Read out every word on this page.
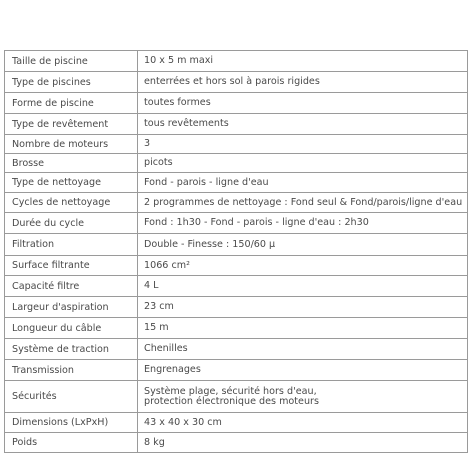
Taille de piscine	10 x 5 m maxi

Type de piscines	enterrées et hors sol à parois rigides

Forme de piscine	toutes formes

Type de revêtement	tous revêtements

Nombre de moteurs	3

Brosse	picots

Type de nettoyage	Fond - parois - ligne d'eau

Cycles de nettoyage	2 programmes de nettoyage : Fond seul & Fond/parois/ligne d'eau

Durée du cycle	Fond : 1h30 - Fond - parois - ligne d'eau : 2h30

Filtration	Double - Finesse : 150/60 µ

Surface filtrante	1066 cm²

Capacité filtre	4 L

Largeur d'aspiration	23 cm

Longueur du câble	15 m

Système de traction	Chenilles

Transmission	Engrenages

Sécurités	Système plage, sécurité hors d'eau,
protection électronique des moteurs

Dimensions (LxPxH)	43 x 40 x 30 cm

Poids	8 kg
